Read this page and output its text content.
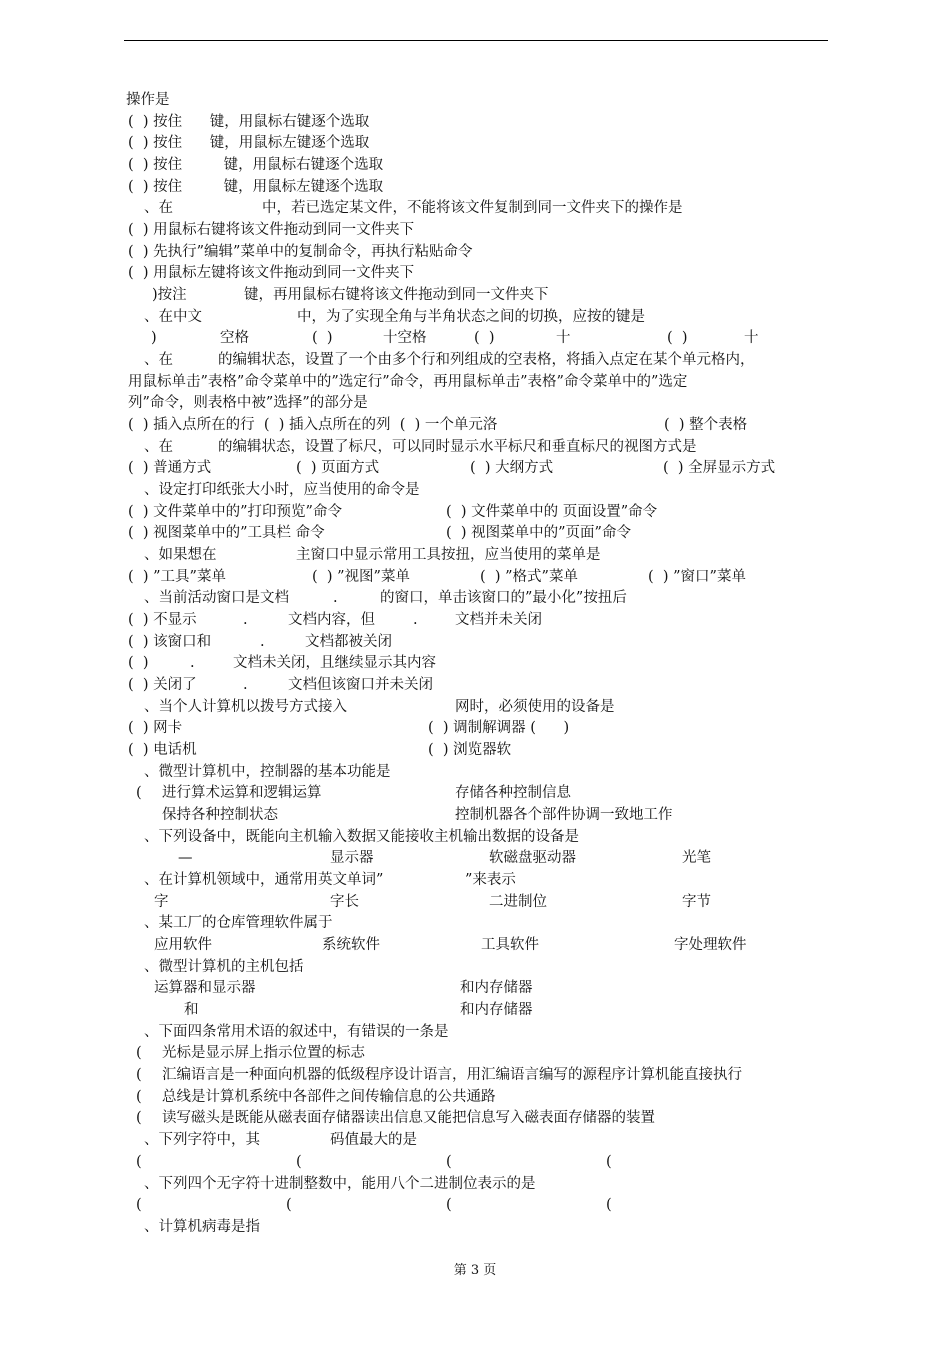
操作是
(  ) 按住      键，用鼠标右键逐个选取
(  ) 按住      键，用鼠标左键逐个选取
(  ) 按住         键，用鼠标右键逐个选取
(  ) 按住         键，用鼠标左键逐个选取
、在	中，若已选定某文件，不能将该文件复制到同一文件夹下的操作是
(  ) 用鼠标右键将该文件拖动到同一文件夹下
(  ) 先执行”编辑”菜单中的复制命令，再执行粘贴命令
(  ) 用鼠标左键将该文件拖动到同一文件夹下
)按注	键，再用鼠标右键将该文件拖动到同一文件夹下
、在中文	中，为了实现全角与半角状态之间的切换，应按的键是
)	空格	(  )	十空格	(  )	十	(  )	十
、在	的编辑状态，设置了一个由多个行和列组成的空表格，将插入点定在某个单元格内，
用鼠标单击”表格”命令菜单中的”选定行”命令，再用鼠标单击”表格”命令菜单中的”选定
列”命令，则表格中被”选择”的部分是
(  ) 插入点所在的行  (  ) 插入点所在的列  (  ) 一个单元洛	(  ) 整个表格
、在	的编辑状态，设置了标尺，可以同时显示水平标尺和垂直标尺的视图方式是
(  ) 普通方式	(  ) 页面方式	(  ) 大纲方式	(  ) 全屏显示方式
、设定打印纸张大小时，应当使用的命令是
(  ) 文件菜单中的”打印预览”命令	(  ) 文件菜单中的 页面设置”命令
(  ) 视图菜单中的”工具栏 命令	(  ) 视图菜单中的”页面”命令
、如果想在	主窗口中显示常用工具按扭，应当使用的菜单是
(  ) ”工具”菜单	(  ) ”视图”菜单	(  ) ”格式”菜单	(  ) ”窗口”菜单
、当前活动窗口是文档	.	的窗口，单击该窗口的”最小化”按扭后
(  ) 不显示	.	文档内容，但	.	文档并未关闭
(  ) 该窗口和	.	文档都被关闭
(  )	.	文档未关闭，且继续显示其内容
(  ) 关闭了	.	文档但该窗口并未关闭
、当个人计算机以拨号方式接入	网时，必须使用的设备是
(  ) 网卡	(  ) 调制解调器 (      )
(  ) 电话机	(  ) 浏览器软
、微型计算机中，控制器的基本功能是
( 进行算术运算和逻辑运算	存储各种控制信息
保持各种控制状态	控制机器各个部件协调一致地工作
、下列设备中，既能向主机输入数据又能接收主机输出数据的设备是
—	显示器	软磁盘驱动器	光笔
、在计算机领域中，通常用英文单词”	”来表示
字	字长	二进制位	字节
、某工厂的仓库管理软件属于
应用软件	系统软件	工具软件	字处理软件
、微型计算机的主机包括
运算器和显示器	和内存储器
和	和内存储器
、下面四条常用术语的叙述中，有错误的一条是
( 光标是显示屏上指示位置的标志
( 汇编语言是一种面向机器的低级程序设计语言，用汇编语言编写的源程序计算机能直接执行
( 总线是计算机系统中各部件之间传输信息的公共通路
( 读写磁头是既能从磁表面存储器读出信息又能把信息写入磁表面存储器的装置
、下列字符中，其	码值最大的是
(	(	(	(
、下列四个无字符十进制整数中，能用八个二进制位表示的是
(	(	(	(
、计算机病毒是指
第 3 页
